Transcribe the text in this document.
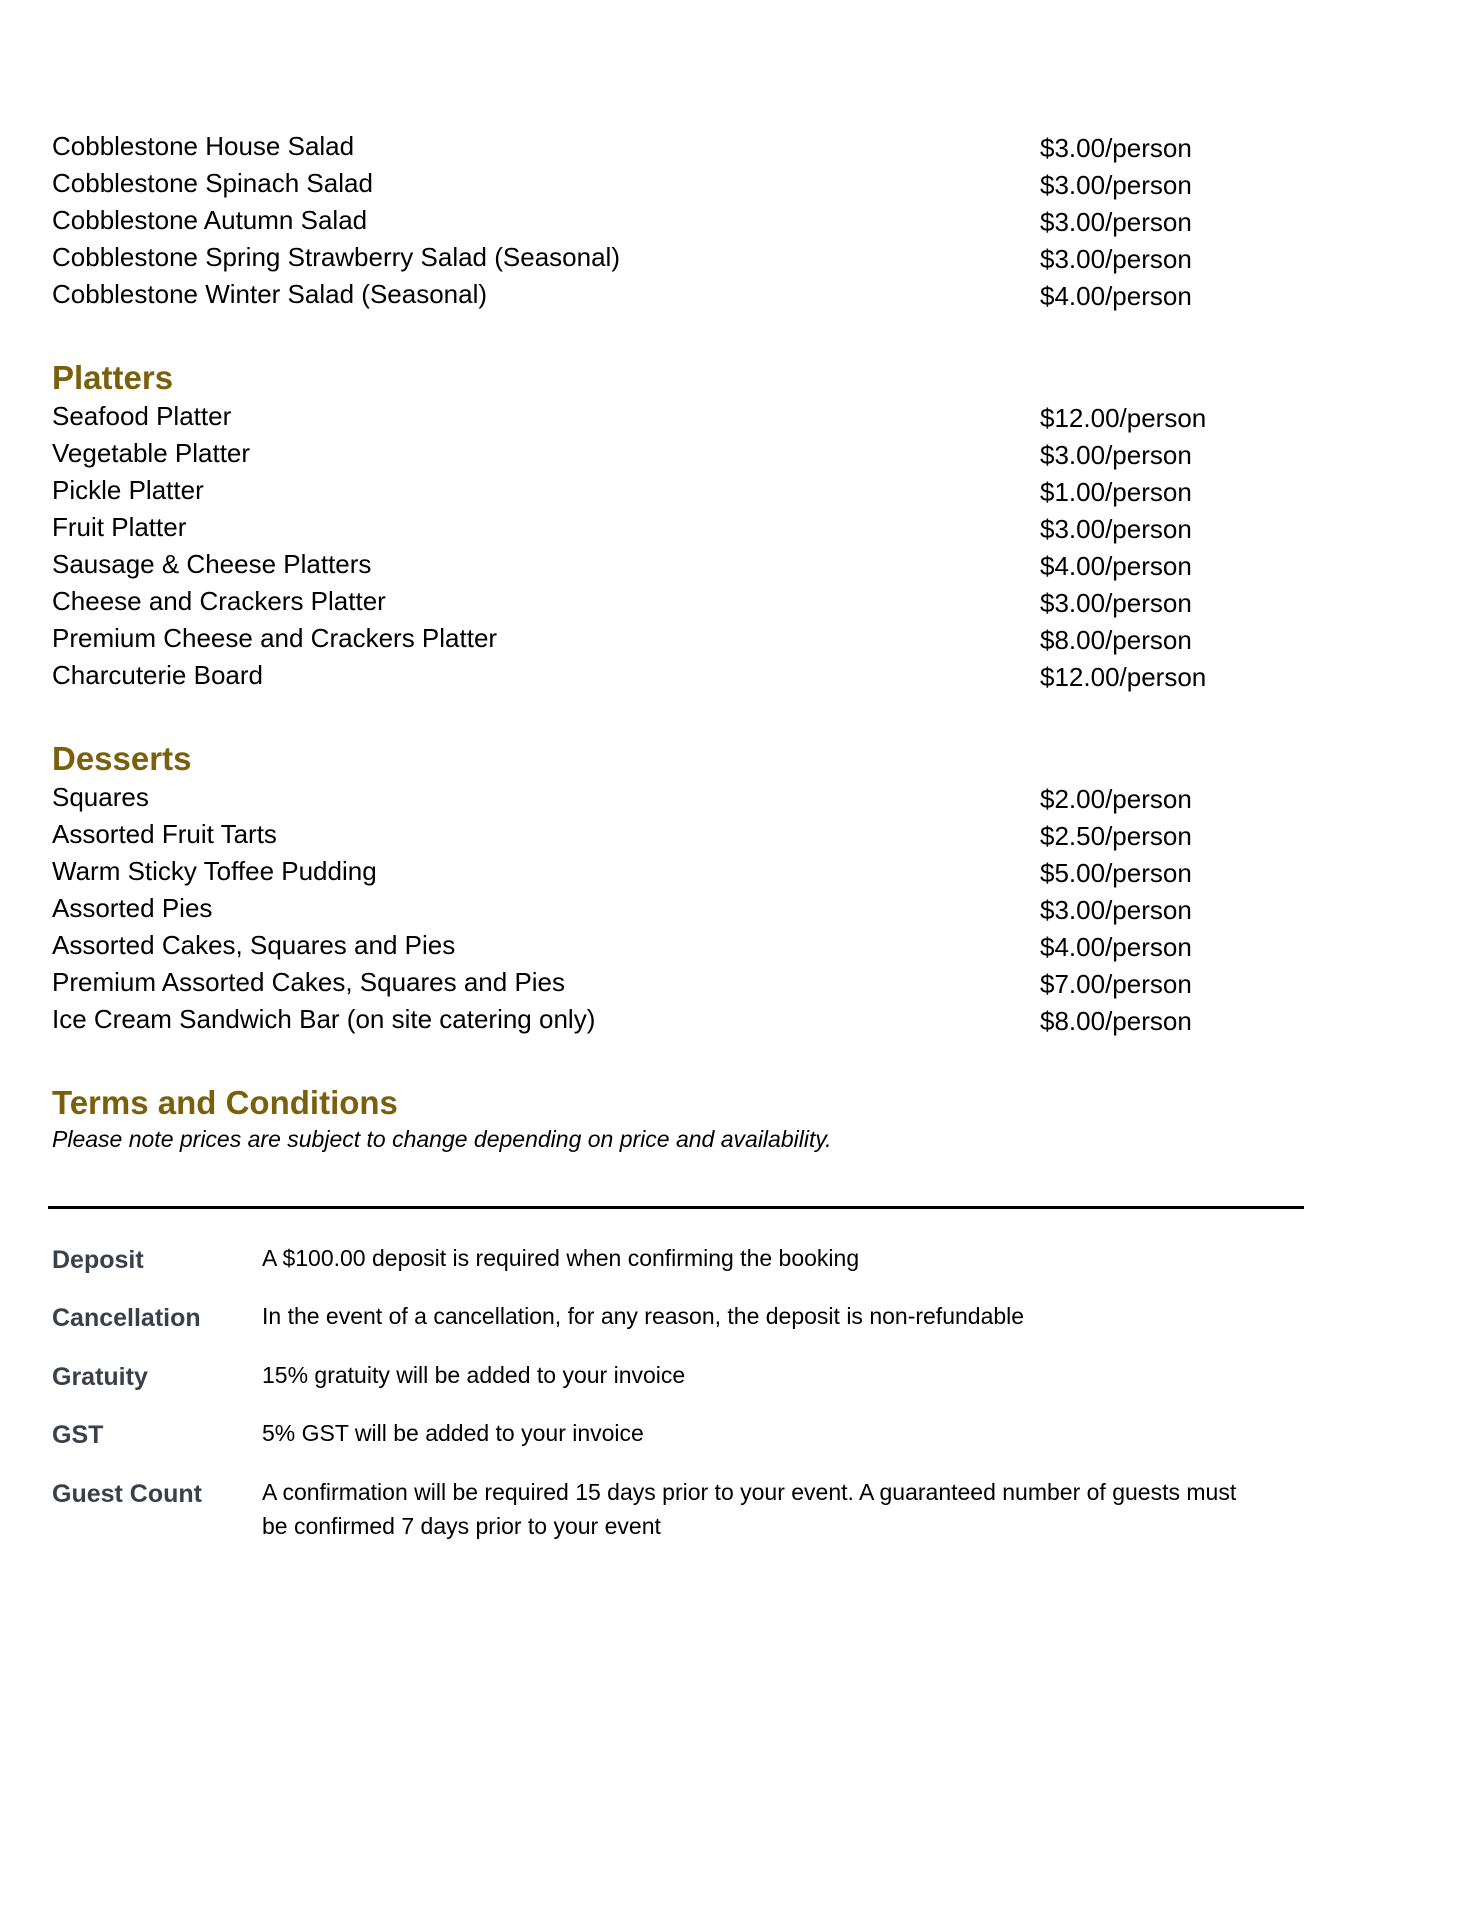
Cobblestone House Salad	$3.00/person
Cobblestone Spinach Salad	$3.00/person
Cobblestone Autumn Salad	$3.00/person
Cobblestone Spring Strawberry Salad (Seasonal)	$3.00/person
Cobblestone Winter Salad (Seasonal)	$4.00/person
Platters
Seafood Platter	$12.00/person
Vegetable Platter	$3.00/person
Pickle Platter	$1.00/person
Fruit Platter	$3.00/person
Sausage & Cheese Platters	$4.00/person
Cheese and Crackers Platter	$3.00/person
Premium Cheese and Crackers Platter	$8.00/person
Charcuterie Board	$12.00/person
Desserts
Squares	$2.00/person
Assorted Fruit Tarts	$2.50/person
Warm Sticky Toffee Pudding	$5.00/person
Assorted Pies	$3.00/person
Assorted Cakes, Squares and Pies	$4.00/person
Premium Assorted Cakes, Squares and Pies	$7.00/person
Ice Cream Sandwich Bar (on site catering only)	$8.00/person
Terms and Conditions
Please note prices are subject to change depending on price and availability.
Deposit	A $100.00 deposit is required when confirming the booking
Cancellation	In the event of a cancellation, for any reason, the deposit is non-refundable
Gratuity	15% gratuity will be added to your invoice
GST	5% GST will be added to your invoice
Guest Count	A confirmation will be required 15 days prior to your event. A guaranteed number of guests must be confirmed 7 days prior to your event
